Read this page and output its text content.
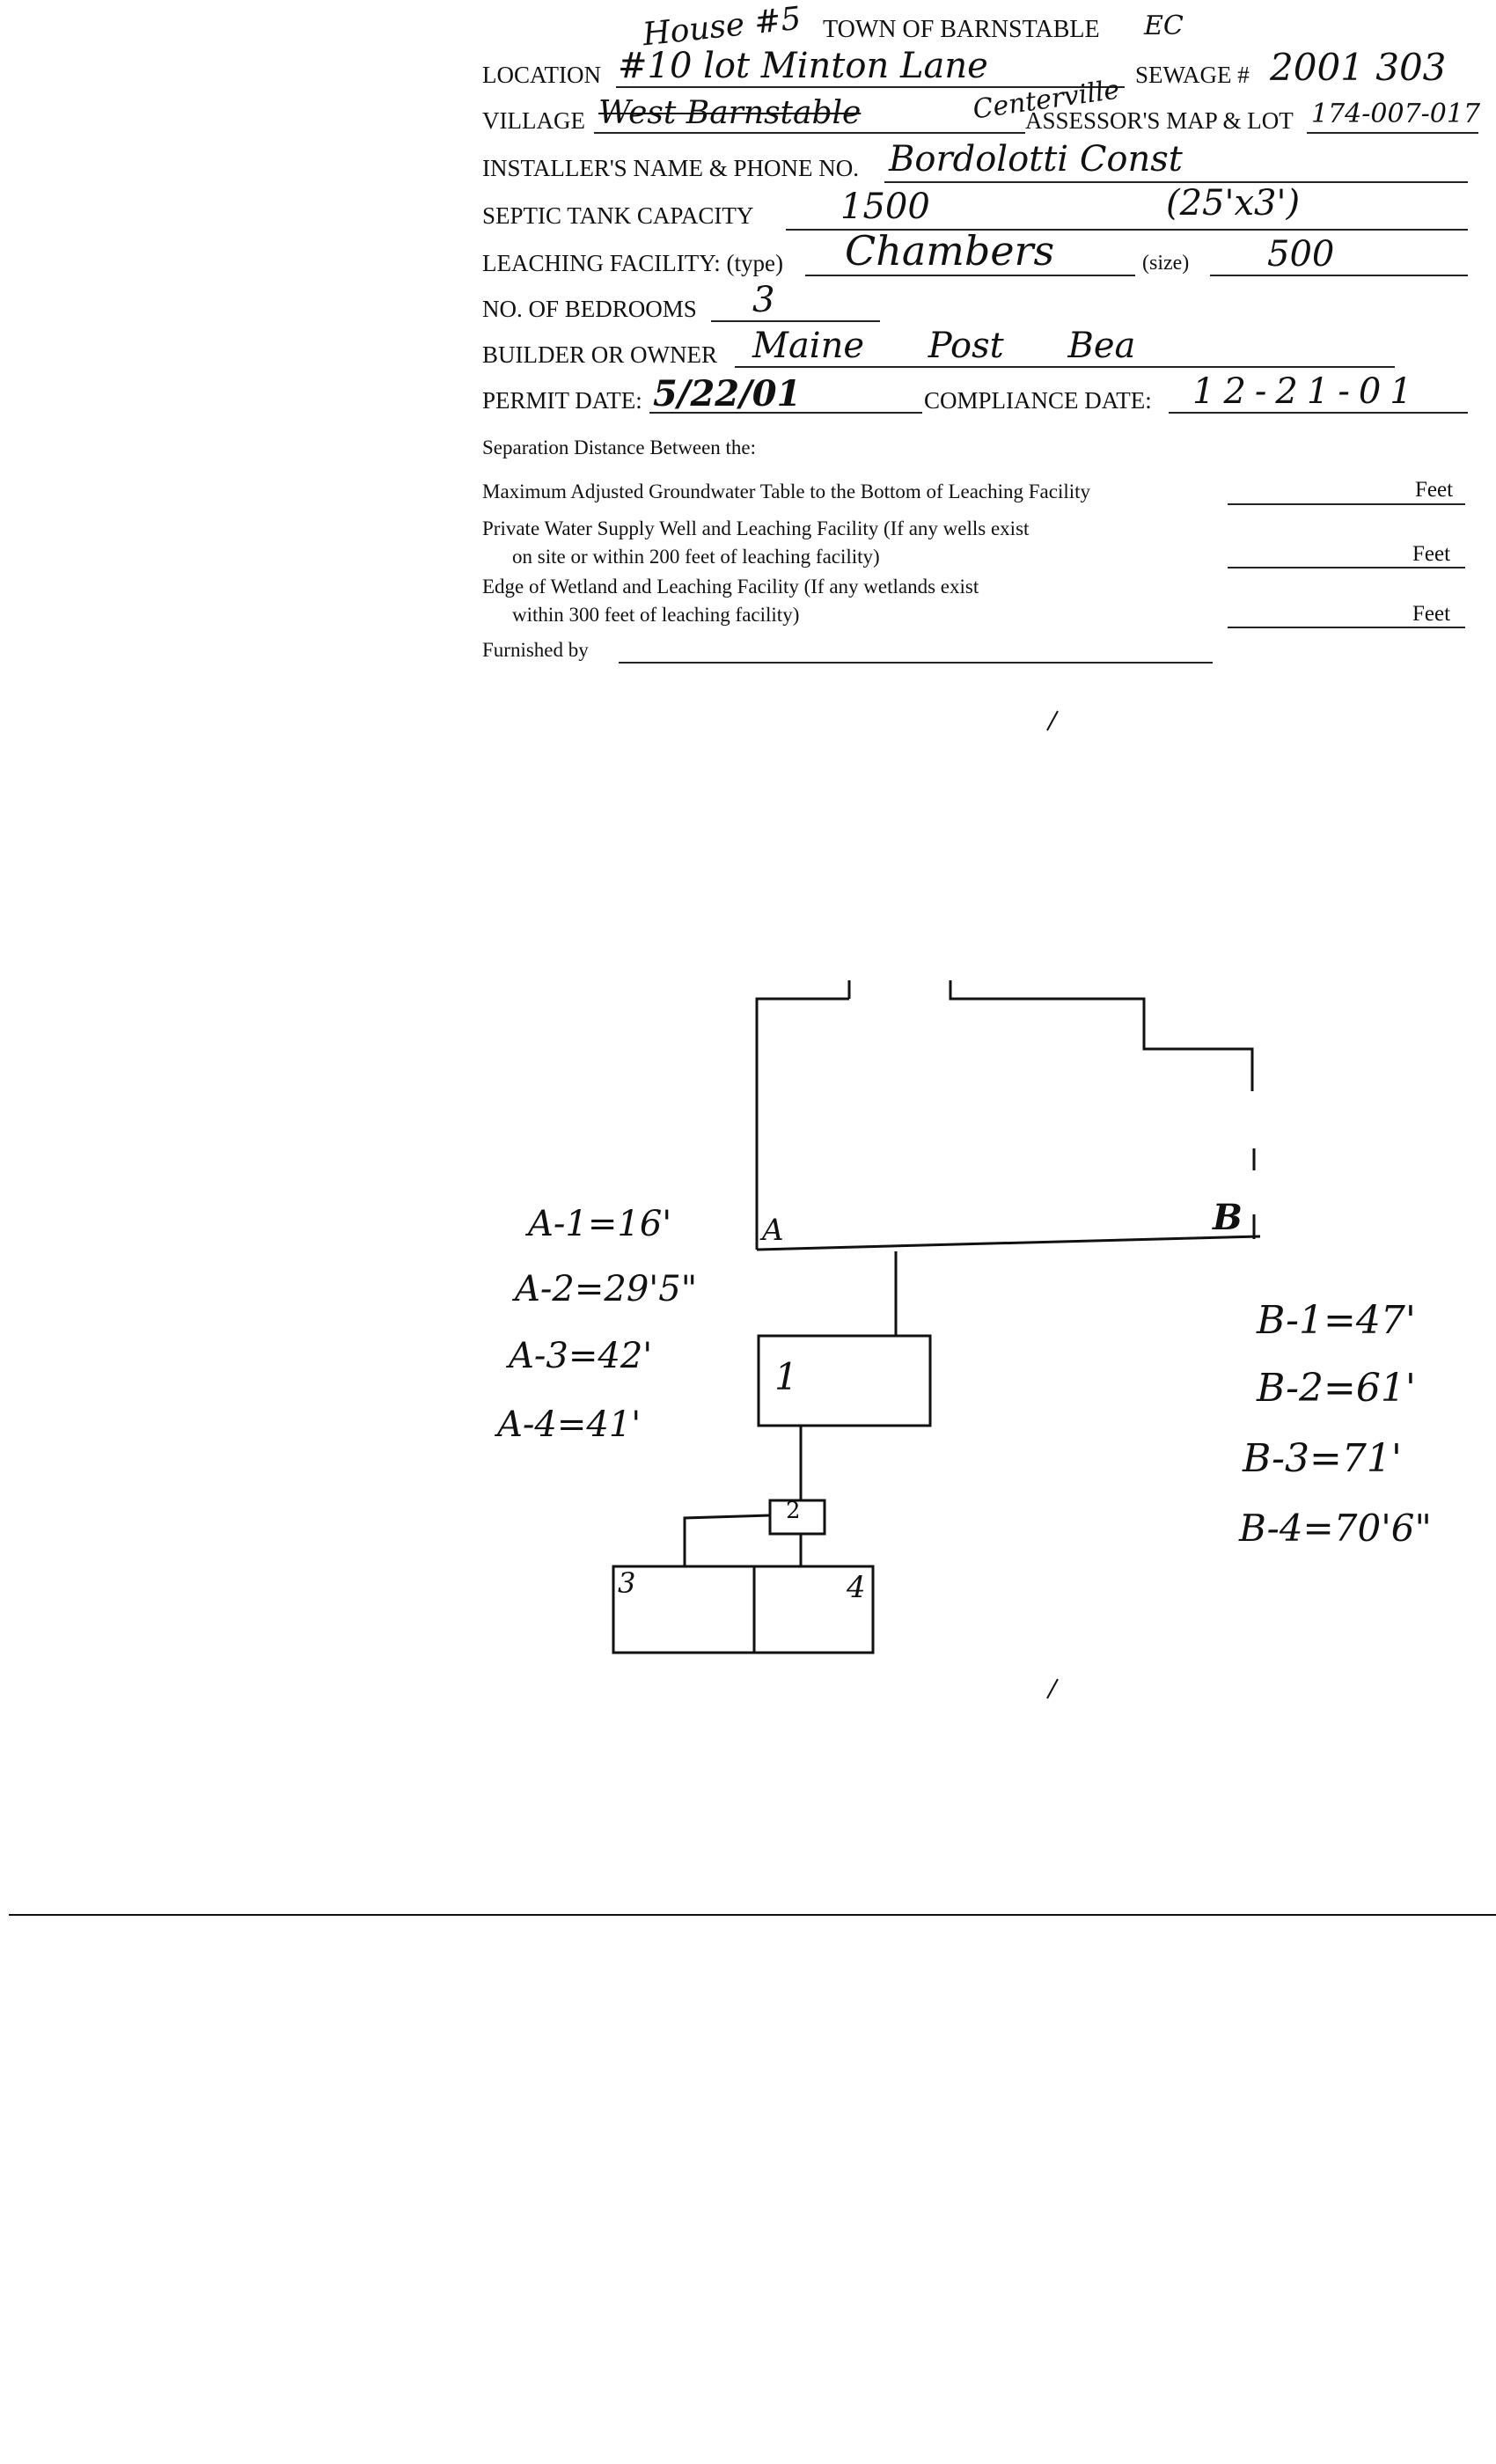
House #5	EC
TOWN OF BARNSTABLE
LOCATION #10 lot Minton Lane	SEWAGE # 2001 303
VILLAGE West Barnstable	Centerville
ASSESSOR'S MAP & LOT 174-007-017
INSTALLER'S NAME & PHONE NO. Bordolotti Const
SEPTIC TANK CAPACITY 1500	(25'x3')
LEACHING FACILITY: (type) Chambers	(size) 500
NO. OF BEDROOMS 3
BUILDER OR OWNER Maine Post Bea
PERMIT DATE: 5/22/01	COMPLIANCE DATE: 12-21-01
Separation Distance Between the:
Maximum Adjusted Groundwater Table to the Bottom of Leaching Facility	Feet
Private Water Supply Well and Leaching Facility (If any wells exist
on site or within 200 feet of leaching facility)	Feet
Edge of Wetland and Leaching Facility (If any wetlands exist
within 300 feet of leaching facility)	Feet
Furnished by
A	B
1
2
3	4
A-1=16'
A-2=29'5"
A-3=42'
A-4=41'
B-1=47'
B-2=61'
B-3=71'
B-4=70'6"
